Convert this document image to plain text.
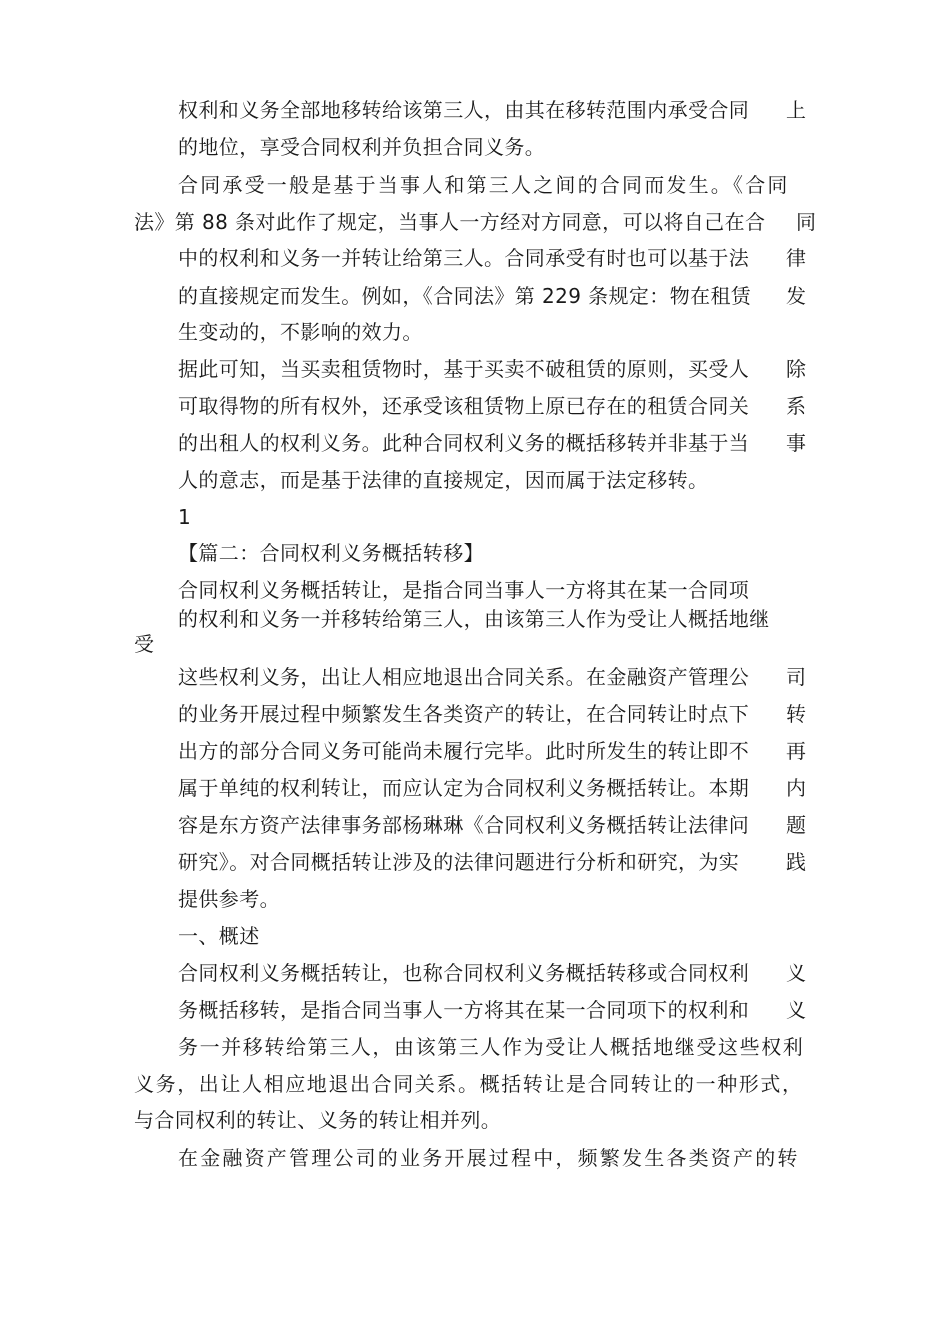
权利和义务全部地移转给该第三人，由其在移转范围内承受合同 上
的地位，享受合同权利并负担合同义务。
合同承受一般是基于当事人和第三人之间的合同而发生。《合同
法》第 88 条对此作了规定，当事人一方经对方同意，可以将自己在合 同
中的权利和义务一并转让给第三人。合同承受有时也可以基于法 律
的直接规定而发生。例如，《合同法》第 229 条规定：物在租赁 发
生变动的，不影响的效力。
据此可知，当买卖租赁物时，基于买卖不破租赁的原则，买受人 除
可取得物的所有权外，还承受该租赁物上原已存在的租赁合同关 系
的出租人的权利义务。此种合同权利义务的概括移转并非基于当 事
人的意志，而是基于法律的直接规定，因而属于法定移转。
1
【篇二：合同权利义务概括转移】
合同权利义务概括转让，是指合同当事人一方将其在某一合同项
的权利和义务一并移转给第三人，由该第三人作为受让人概括地继
受
这些权利义务，出让人相应地退出合同关系。在金融资产管理公 司
的业务开展过程中频繁发生各类资产的转让，在合同转让时点下 转
出方的部分合同义务可能尚未履行完毕。此时所发生的转让即不 再
属于单纯的权利转让，而应认定为合同权利义务概括转让。本期 内
容是东方资产法律事务部杨琳琳《合同权利义务概括转让法律问 题
研究》。对合同概括转让涉及的法律问题进行分析和研究，为实 践
提供参考。
一、概述
合同权利义务概括转让，也称合同权利义务概括转移或合同权利 义
务概括移转，是指合同当事人一方将其在某一合同项下的权利和 义
务一并移转给第三人，由该第三人作为受让人概括地继受这些权利
义务，出让人相应地退出合同关系。概括转让是合同转让的一种形式，
与合同权利的转让、义务的转让相并列。
在金融资产管理公司的业务开展过程中，频繁发生各类资产的转
